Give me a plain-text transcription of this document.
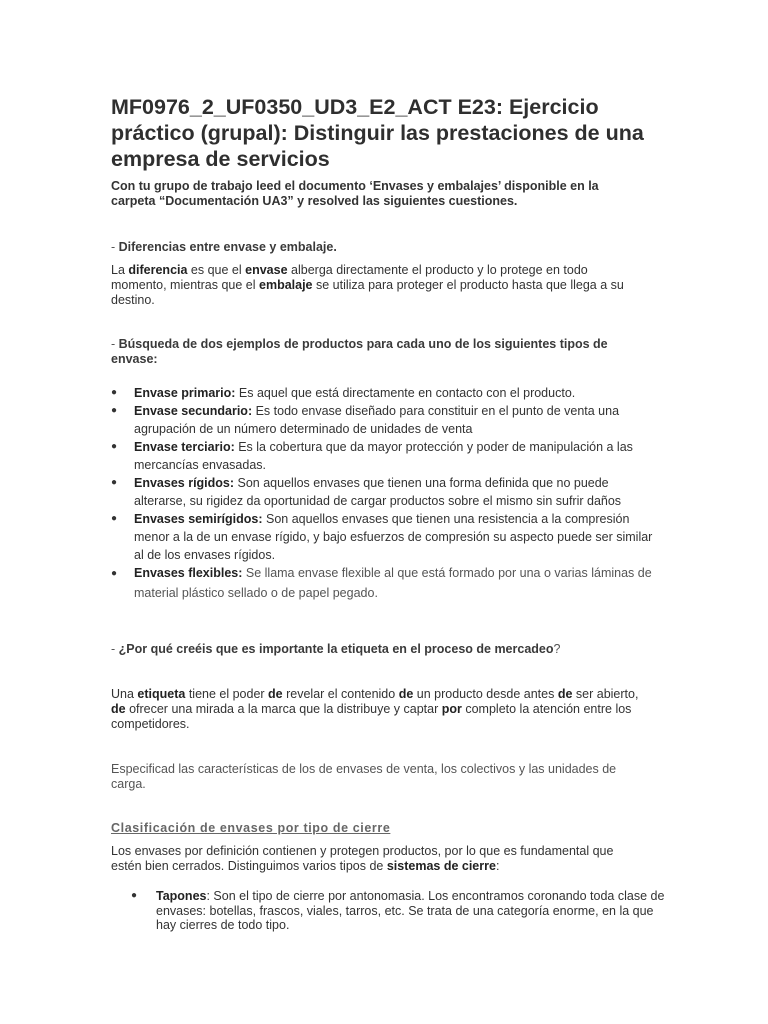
MF0976_2_UF0350_UD3_E2_ACT E23: Ejercicio práctico (grupal): Distinguir las prestaciones de una empresa de servicios

Con tu grupo de trabajo leed el documento ‘Envases y embalajes’ disponible en la carpeta “Documentación UA3” y resolved las siguientes cuestiones.

- Diferencias entre envase y embalaje.

La diferencia es que el envase alberga directamente el producto y lo protege en todo momento, mientras que el embalaje se utiliza para proteger el producto hasta que llega a su destino.

- Búsqueda de dos ejemplos de productos para cada uno de los siguientes tipos de envase:

● Envase primario: Es aquel que está directamente en contacto con el producto.
● Envase secundario: Es todo envase diseñado para constituir en el punto de venta una agrupación de un número determinado de unidades de venta
● Envase terciario: Es la cobertura que da mayor protección y poder de manipulación a las mercancías envasadas.
● Envases rígidos: Son aquellos envases que tienen una forma definida que no puede alterarse, su rigidez da oportunidad de cargar productos sobre el mismo sin sufrir daños
● Envases semirígidos: Son aquellos envases que tienen una resistencia a la compresión menor a la de un envase rígido, y bajo esfuerzos de compresión su aspecto puede ser similar al de los envases rígidos.
● Envases flexibles: Se llama envase flexible al que está formado por una o varias láminas de material plástico sellado o de papel pegado.

- ¿Por qué creéis que es importante la etiqueta en el proceso de mercadeo?

Una etiqueta tiene el poder de revelar el contenido de un producto desde antes de ser abierto, de ofrecer una mirada a la marca que la distribuye y captar por completo la atención entre los competidores.

Especificad las características de los de envases de venta, los colectivos y las unidades de carga.

Clasificación de envases por tipo de cierre

Los envases por definición contienen y protegen productos, por lo que es fundamental que estén bien cerrados. Distinguimos varios tipos de sistemas de cierre:

● Tapones: Son el tipo de cierre por antonomasia. Los encontramos coronando toda clase de envases: botellas, frascos, viales, tarros, etc. Se trata de una categoría enorme, en la que hay cierres de todo tipo.
